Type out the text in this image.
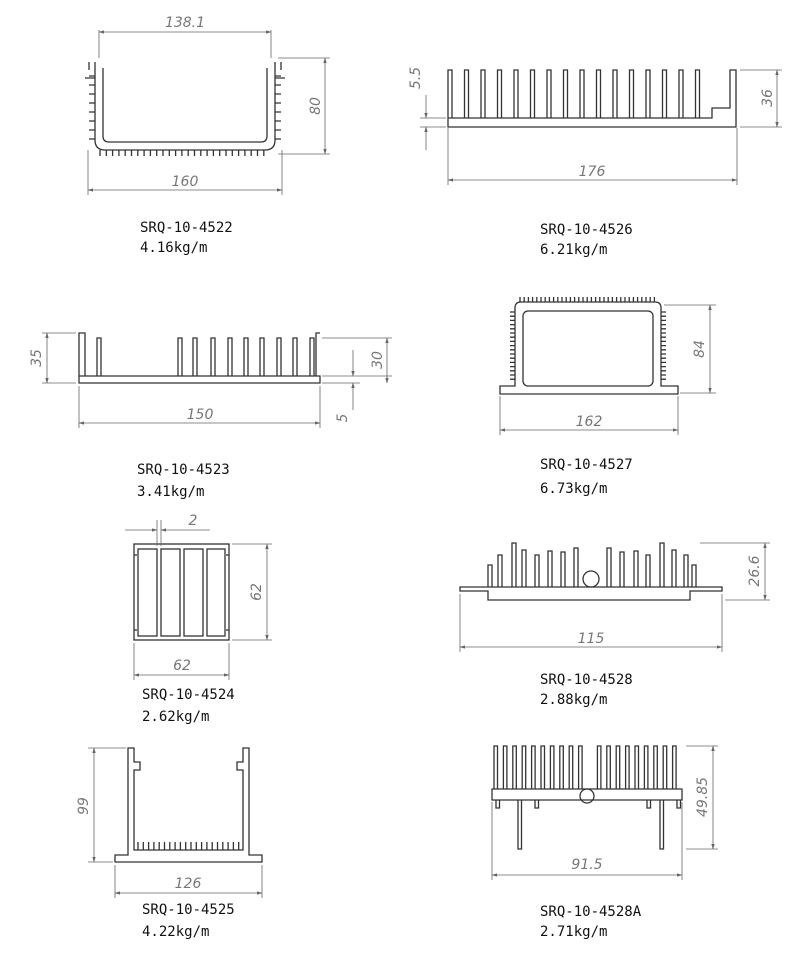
138.1
160
80
176
36
5.5
150
35	30
5	162
84
2
62
62
115
26.6
126
99
91.5
49.85
SRQ-10-4522
4.16kg/m
SRQ-10-4526
6.21kg/m
SRQ-10-4523
3.41kg/m
SRQ-10-4527
6.73kg/m
SRQ-10-4524
2.62kg/m
SRQ-10-4528
2.88kg/m
SRQ-10-4525
4.22kg/m
SRQ-10-4528A
2.71kg/m
